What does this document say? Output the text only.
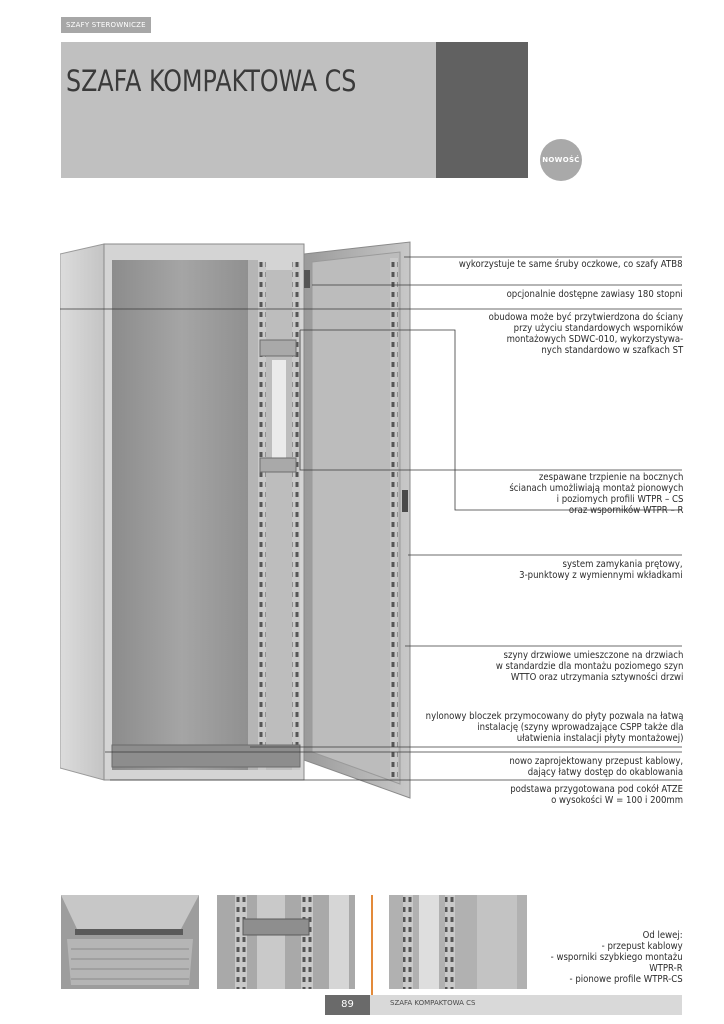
SZAFY STEROWNICZE
SZAFA KOMPAKTOWA CS
NOWOŚĆ
wykorzystuje te same śruby oczkowe, co szafy ATB8
opcjonalnie dostępne zawiasy 180 stopni
obudowa może być przytwierdzona do ściany
przy użyciu standardowych wsporników
montażowych SDWC-010, wykorzystywa-
nych standardowo w szafkach ST
zespawane trzpienie na bocznych
ścianach umożliwiają montaż pionowych
i poziomych profili WTPR – CS
oraz wsporników WTPR – R
system zamykania prętowy,
3-punktowy z wymiennymi wkładkami
szyny drzwiowe umieszczone na drzwiach
w standardzie dla montażu poziomego szyn
WTTO oraz utrzymania sztywności drzwi
nylonowy bloczek przymocowany do płyty pozwala na łatwą
instalację (szyny wprowadzające CSPP także dla
ułatwienia instalacji płyty montażowej)
nowo zaprojektowany przepust kablowy,
dający łatwy dostęp do okablowania
podstawa przygotowana pod cokół ATZE
o wysokości W = 100 i 200mm
Od lewej:
- przepust kablowy
- wsporniki szybkiego montażu
WTPR-R
- pionowe profile WTPR-CS
89	SZAFA KOMPAKTOWA CS
